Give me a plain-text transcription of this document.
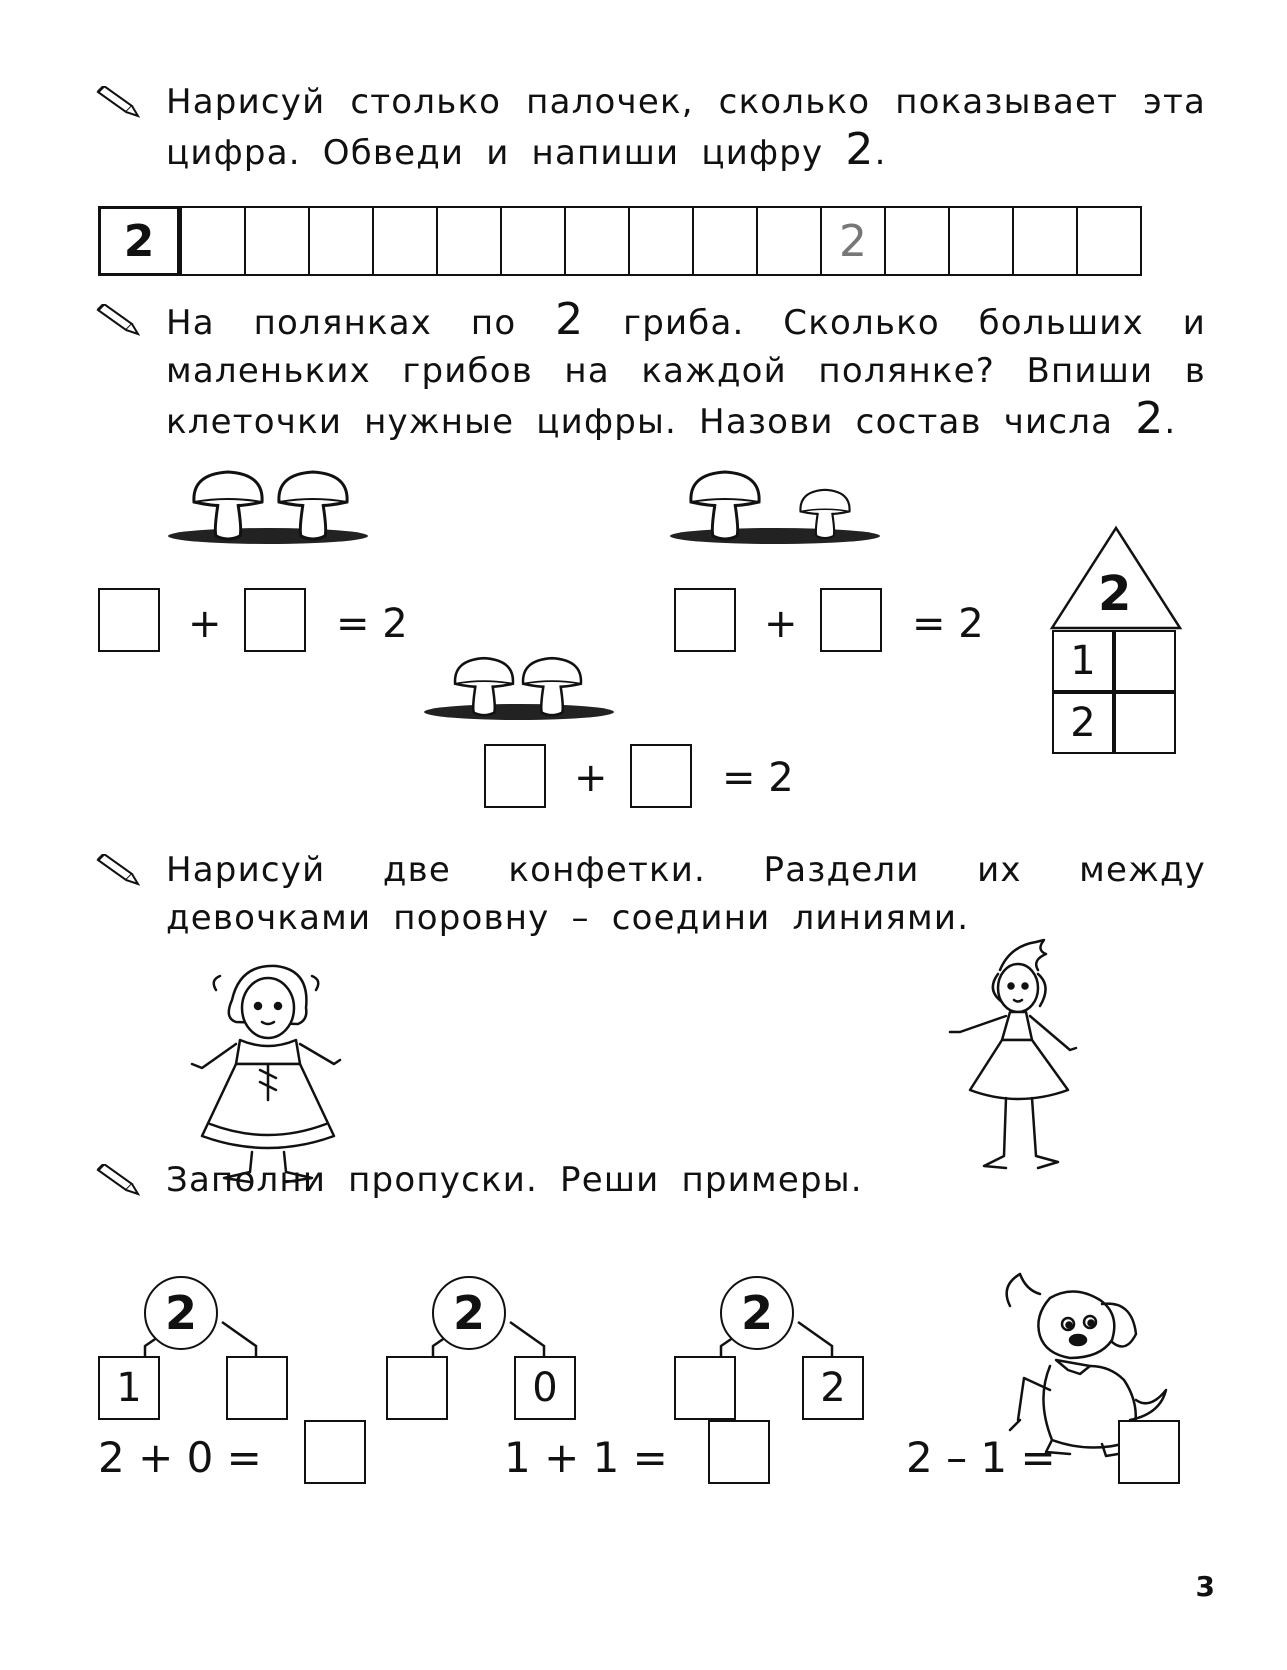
Нарисуй столько палочек, сколько показывает эта цифра. Обведи и напиши цифру 2.
2	2
На полянках по 2 гриба. Сколько больших и маленьких грибов на каждой полянке? Впиши в клеточки нужные цифры. Назови состав числа 2.
+	= 2	+	= 2
+	= 2
2
1
2
Нарисуй две конфетки. Раздели их между девочками поровну – соедини линиями.
Заполни пропуски. Реши примеры.
2
1
2
0
2
2
2 + 0 =	1 + 1 =	2 – 1 =
3
